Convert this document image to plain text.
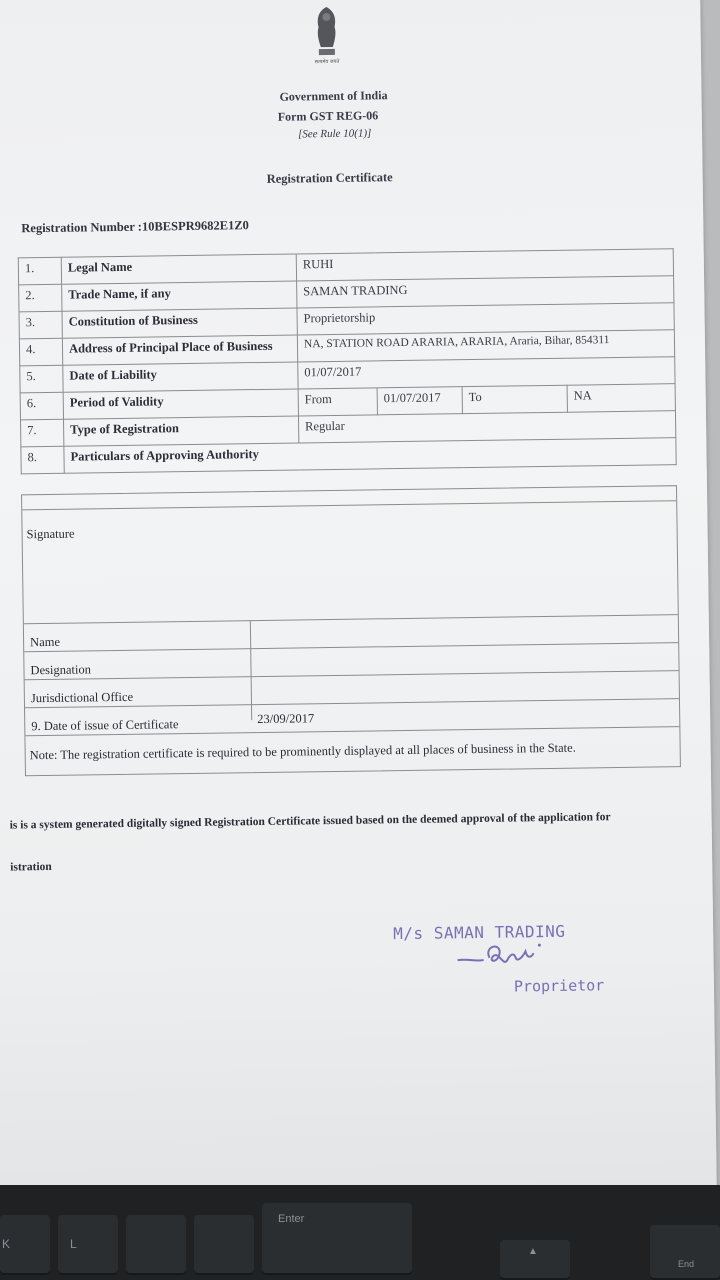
सत्यमेव जयते
Government of India
Form GST REG-06
[See Rule 10(1)]
Registration Certificate
Registration Number :10BESPR9682E1Z0
1.	Legal Name	RUHI			
2.	Trade Name, if any	SAMAN TRADING			
3.	Constitution of Business	Proprietorship			
4.	Address of Principal Place of Business	NA, STATION ROAD ARARIA, ARARIA, Araria, Bihar, 854311			
5.	Date of Liability	01/07/2017			
6.	Period of Validity	From	01/07/2017	To	NA
7.	Type of Registration	Regular			
8.	Particulars of Approving Authority				
Signature
Name
Designation
Jurisdictional Office
9. Date of issue of Certificate	23/09/2017
Note: The registration certificate is required to be prominently displayed at all places of business in the State.
is is a system generated digitally signed Registration Certificate issued based on the deemed approval of the application for
istration
M/s SAMAN TRADING
Proprietor
K	L
Enter
▲
End
